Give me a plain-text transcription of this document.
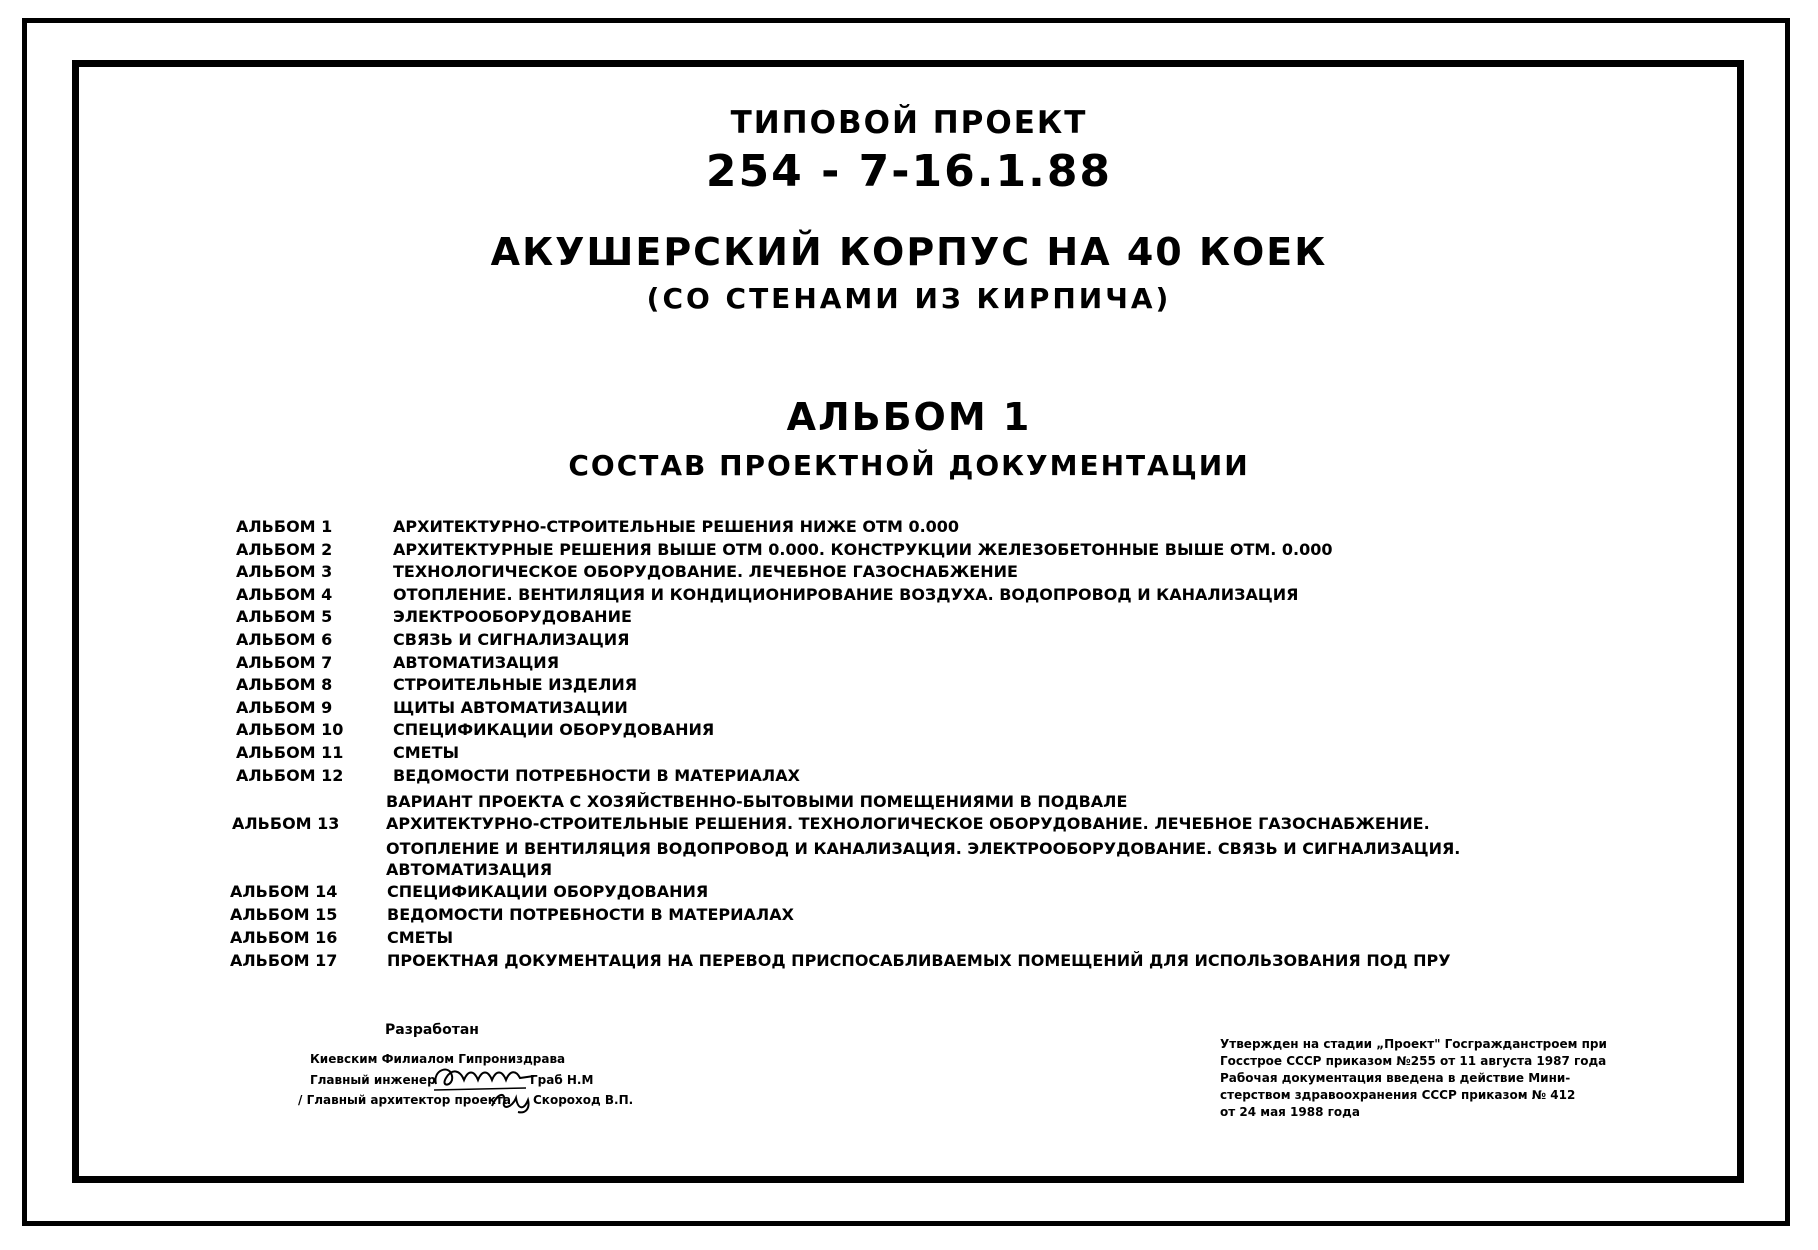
ТИПОВОЙ ПРОЕКТ
254 - 7-16.1.88
АКУШЕРСКИЙ КОРПУС НА 40 КОЕК
(СО СТЕНАМИ ИЗ КИРПИЧА)
АЛЬБОМ 1
СОСТАВ ПРОЕКТНОЙ ДОКУМЕНТАЦИИ
АЛЬБОМ 1	АРХИТЕКТУРНО-СТРОИТЕЛЬНЫЕ РЕШЕНИЯ НИЖЕ ОТМ 0.000
АЛЬБОМ 2	АРХИТЕКТУРНЫЕ РЕШЕНИЯ ВЫШЕ ОТМ 0.000. КОНСТРУКЦИИ ЖЕЛЕЗОБЕТОННЫЕ ВЫШЕ ОТМ. 0.000
АЛЬБОМ 3	ТЕХНОЛОГИЧЕСКОЕ ОБОРУДОВАНИЕ. ЛЕЧЕБНОЕ ГАЗОСНАБЖЕНИЕ
АЛЬБОМ 4	ОТОПЛЕНИЕ. ВЕНТИЛЯЦИЯ И КОНДИЦИОНИРОВАНИЕ ВОЗДУХА. ВОДОПРОВОД И КАНАЛИЗАЦИЯ
АЛЬБОМ 5	ЭЛЕКТРООБОРУДОВАНИЕ
АЛЬБОМ 6	СВЯЗЬ И СИГНАЛИЗАЦИЯ
АЛЬБОМ 7	АВТОМАТИЗАЦИЯ
АЛЬБОМ 8	СТРОИТЕЛЬНЫЕ ИЗДЕЛИЯ
АЛЬБОМ 9	ЩИТЫ АВТОМАТИЗАЦИИ
АЛЬБОМ 10	СПЕЦИФИКАЦИИ ОБОРУДОВАНИЯ
АЛЬБОМ 11	СМЕТЫ
АЛЬБОМ 12	ВЕДОМОСТИ ПОТРЕБНОСТИ В МАТЕРИАЛАХ
ВАРИАНТ ПРОЕКТА С ХОЗЯЙСТВЕННО-БЫТОВЫМИ ПОМЕЩЕНИЯМИ В ПОДВАЛЕ
АЛЬБОМ 13	АРХИТЕКТУРНО-СТРОИТЕЛЬНЫЕ РЕШЕНИЯ. ТЕХНОЛОГИЧЕСКОЕ ОБОРУДОВАНИЕ. ЛЕЧЕБНОЕ ГАЗОСНАБЖЕНИЕ.
ОТОПЛЕНИЕ И ВЕНТИЛЯЦИЯ ВОДОПРОВОД И КАНАЛИЗАЦИЯ. ЭЛЕКТРООБОРУДОВАНИЕ. СВЯЗЬ И СИГНАЛИЗАЦИЯ.
АВТОМАТИЗАЦИЯ
АЛЬБОМ 14	СПЕЦИФИКАЦИИ ОБОРУДОВАНИЯ
АЛЬБОМ 15	ВЕДОМОСТИ ПОТРЕБНОСТИ В МАТЕРИАЛАХ
АЛЬБОМ 16	СМЕТЫ
АЛЬБОМ 17	ПРОЕКТНАЯ ДОКУМЕНТАЦИЯ НА ПЕРЕВОД ПРИСПОСАБЛИВАЕМЫХ ПОМЕЩЕНИЙ ДЛЯ ИСПОЛЬЗОВАНИЯ ПОД ПРУ
Разработан
Киевским Филиалом Гипрониздрава
Главный инженер	Граб Н.М
/ Главный архитектор проекта Скороход В.П.
Утвержден на стадии „Проект" Госгражданстроем при
Госстрое СССР приказом №255 от 11 августа 1987 года
Рабочая документация введена в действие Мини-
стерством здравоохранения СССР приказом № 412
от 24 мая 1988 года
